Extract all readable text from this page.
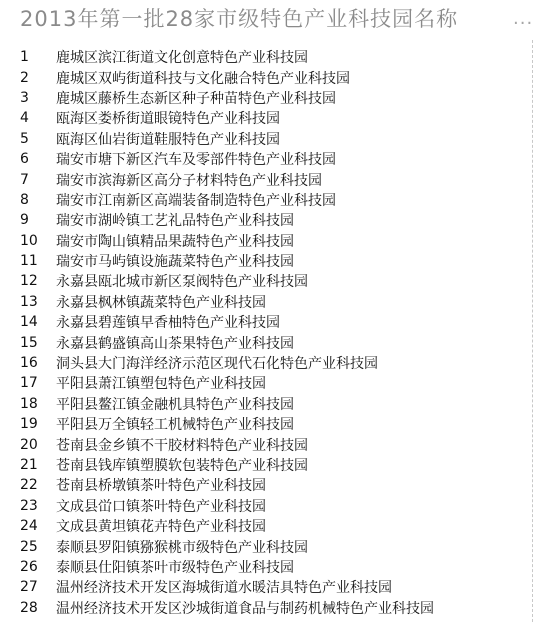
2013年第一批28家市级特色产业科技园名称	...
1	鹿城区滨江街道文化创意特色产业科技园
2	鹿城区双屿街道科技与文化融合特色产业科技园
3	鹿城区藤桥生态新区种子种苗特色产业科技园
4	瓯海区娄桥街道眼镜特色产业科技园
5	瓯海区仙岩街道鞋服特色产业科技园
6	瑞安市塘下新区汽车及零部件特色产业科技园
7	瑞安市滨海新区高分子材料特色产业科技园
8	瑞安市江南新区高端装备制造特色产业科技园
9	瑞安市湖岭镇工艺礼品特色产业科技园
10	瑞安市陶山镇精品果蔬特色产业科技园
11	瑞安市马屿镇设施蔬菜特色产业科技园
12	永嘉县瓯北城市新区泵阀特色产业科技园
13	永嘉县枫林镇蔬菜特色产业科技园
14	永嘉县碧莲镇早香柚特色产业科技园
15	永嘉县鹤盛镇高山茶果特色产业科技园
16	洞头县大门海洋经济示范区现代石化特色产业科技园
17	平阳县萧江镇塑包特色产业科技园
18	平阳县鳌江镇金融机具特色产业科技园
19	平阳县万全镇轻工机械特色产业科技园
20	苍南县金乡镇不干胶材料特色产业科技园
21	苍南县钱库镇塑膜软包装特色产业科技园
22	苍南县桥墩镇茶叶特色产业科技园
23	文成县峃口镇茶叶特色产业科技园
24	文成县黄坦镇花卉特色产业科技园
25	泰顺县罗阳镇猕猴桃市级特色产业科技园
26	泰顺县仕阳镇茶叶市级特色产业科技园
27	温州经济技术开发区海城街道水暖洁具特色产业科技园
28	温州经济技术开发区沙城街道食品与制药机械特色产业科技园
